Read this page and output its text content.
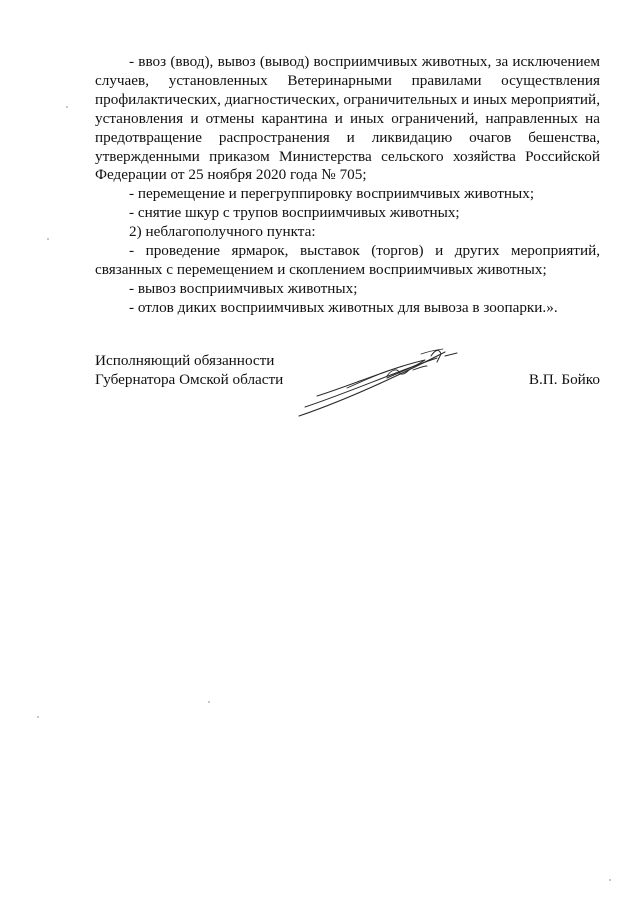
- ввоз (ввод), вывоз (вывод) восприимчивых животных, за исключением случаев, установленных Ветеринарными правилами осуществления профилактических, диагностических, ограничительных и иных мероприятий, установления и отмены карантина и иных ограничений, направленных на предотвращение распространения и ликвидацию очагов бешенства, утвержденными приказом Министерства сельского хозяйства Российской Федерации от 25 ноября 2020 года № 705;

- перемещение и перегруппировку восприимчивых животных;

- снятие шкур с трупов восприимчивых животных;

2) неблагополучного пункта:

- проведение ярмарок, выставок (торгов) и других мероприятий, связанных с перемещением и скоплением восприимчивых животных;

- вывоз восприимчивых животных;

- отлов диких восприимчивых животных для вывоза в зоопарки.».

Исполняющий обязанности
Губернатора Омской области	В.П. Бойко
